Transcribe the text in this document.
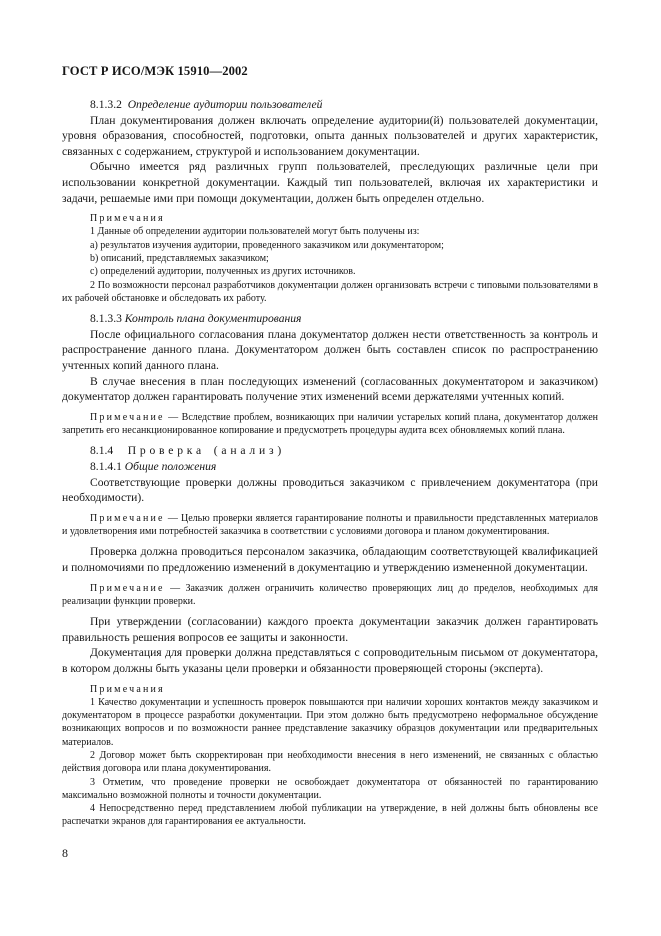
ГОСТ Р ИСО/МЭК 15910—2002

8.1.3.2 Определение аудитории пользователей

План документирования должен включать определение аудитории(й) пользователей документации, уровня образования, способностей, подготовки, опыта данных пользователей и других характеристик, связанных с содержанием, структурой и использованием документации.

Обычно имеется ряд различных групп пользователей, преследующих различные цели при использовании конкретной документации. Каждый тип пользователей, включая их характеристики и задачи, решаемые ими при помощи документации, должен быть определен отдельно.

Примечания

1 Данные об определении аудитории пользователей могут быть получены из:

а) результатов изучения аудитории, проведенного заказчиком или документатором;

b) описаний, представляемых заказчиком;

с) определений аудитории, полученных из других источников.

2 По возможности персонал разработчиков документации должен организовать встречи с типовыми пользователями в их рабочей обстановке и обследовать их работу.

8.1.3.3 Контроль плана документирования

После официального согласования плана документатор должен нести ответственность за контроль и распространение данного плана. Документатором должен быть составлен список по распространению учтенных копий данного плана.

В случае внесения в план последующих изменений (согласованных документатором и заказчиком) документатор должен гарантировать получение этих изменений всеми держателями учтенных копий.

Примечание — Вследствие проблем, возникающих при наличии устарелых копий плана, документатор должен запретить его несанкционированное копирование и предусмотреть процедуры аудита всех обновляемых копий плана.

8.1.4 Проверка (анализ)

8.1.4.1 Общие положения

Соответствующие проверки должны проводиться заказчиком с привлечением документатора (при необходимости).

Примечание — Целью проверки является гарантирование полноты и правильности представленных материалов и удовлетворения ими потребностей заказчика в соответствии с условиями договора и планом документирования.

Проверка должна проводиться персоналом заказчика, обладающим соответствующей квалификацией и полномочиями по предложению изменений в документацию и утверждению измененной документации.

Примечание — Заказчик должен ограничить количество проверяющих лиц до пределов, необходимых для реализации функции проверки.

При утверждении (согласовании) каждого проекта документации заказчик должен гарантировать правильность решения вопросов ее защиты и законности.

Документация для проверки должна представляться с сопроводительным письмом от документатора, в котором должны быть указаны цели проверки и обязанности проверяющей стороны (эксперта).

Примечания

1 Качество документации и успешность проверок повышаются при наличии хороших контактов между заказчиком и документатором в процессе разработки документации. При этом должно быть предусмотрено неформальное обсуждение возникающих вопросов и по возможности раннее представление заказчику образцов документации или предварительных материалов.

2 Договор может быть скорректирован при необходимости внесения в него изменений, не связанных с областью действия договора или плана документирования.

3 Отметим, что проведение проверки не освобождает документатора от обязанностей по гарантированию максимально возможной полноты и точности документации.

4 Непосредственно перед представлением любой публикации на утверждение, в ней должны быть обновлены все распечатки экранов для гарантирования ее актуальности.

8
